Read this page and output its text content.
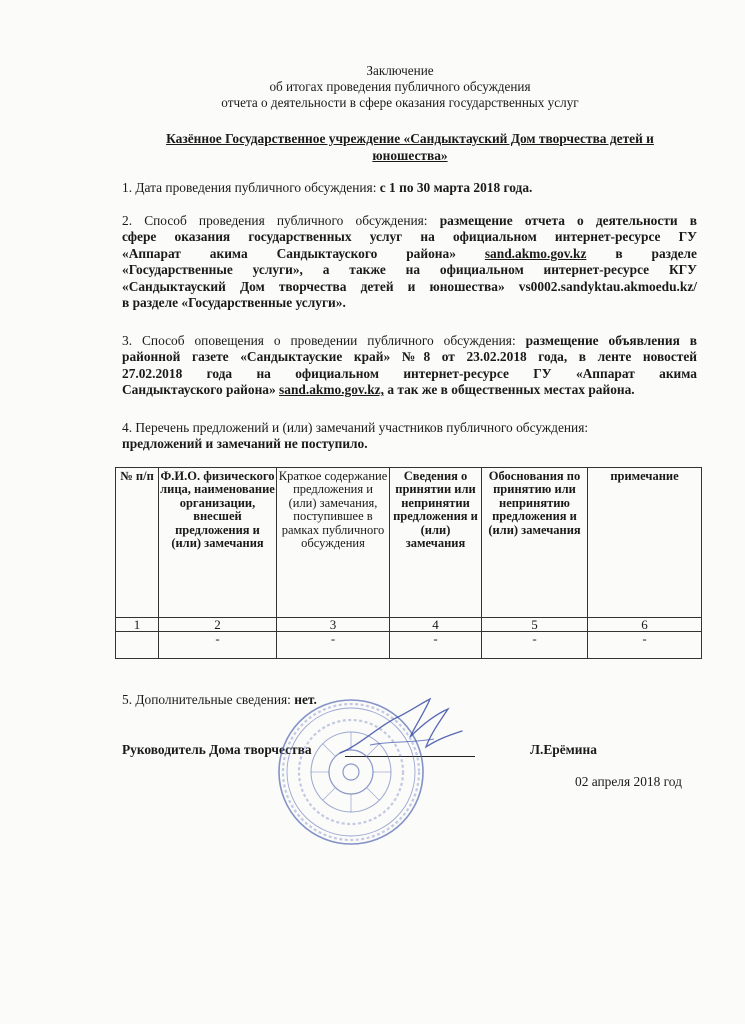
Заключение
об итогах проведения публичного обсуждения
отчета о деятельности в сфере оказания государственных услуг
Казённое Государственное учреждение «Сандыктауский Дом творчества детей и
юношества»
1. Дата проведения публичного обсуждения: с 1 по 30 марта 2018 года.
2. Способ проведения публичного обсуждения: размещение отчета о деятельности в
сфере оказания государственных услуг на официальном интернет-ресурсе ГУ
«Аппарат акима Сандыктауского района» sand.akmo.gov.kz в разделе
«Государственные услуги», а также на официальном интернет-ресурсе КГУ
«Сандыктауский Дом творчества детей и юношества» vs0002.sandyktau.akmoedu.kz/
в разделе «Государственные услуги».
3. Способ оповещения о проведении публичного обсуждения: размещение объявления в
районной газете «Сандыктауские край» №8 от 23.02.2018 года, в ленте новостей
27.02.2018 года на официальном интернет-ресурсе ГУ «Аппарат акима
Сандыктауского района» sand.akmo.gov.kz, а так же в общественных местах района.
4. Перечень предложений и (или) замечаний участников публичного обсуждения:
предложений и замечаний не поступило.
№ п/п	Ф.И.О. физического лица, наименование организации, внесшей предложения и (или) замечания	Краткое содержание предложения и (или) замечания, поступившее в рамках публичного обсуждения	Сведения о принятии или непринятии предложения и (или) замечания	Обоснования по принятию или непринятию предложения и (или) замечания	примечание
1	2	3	4	5	6
	-	-	-	-	-
5. Дополнительные сведения: нет.
Руководитель Дома творчества	Л.Ерёмина
02 апреля 2018 год
